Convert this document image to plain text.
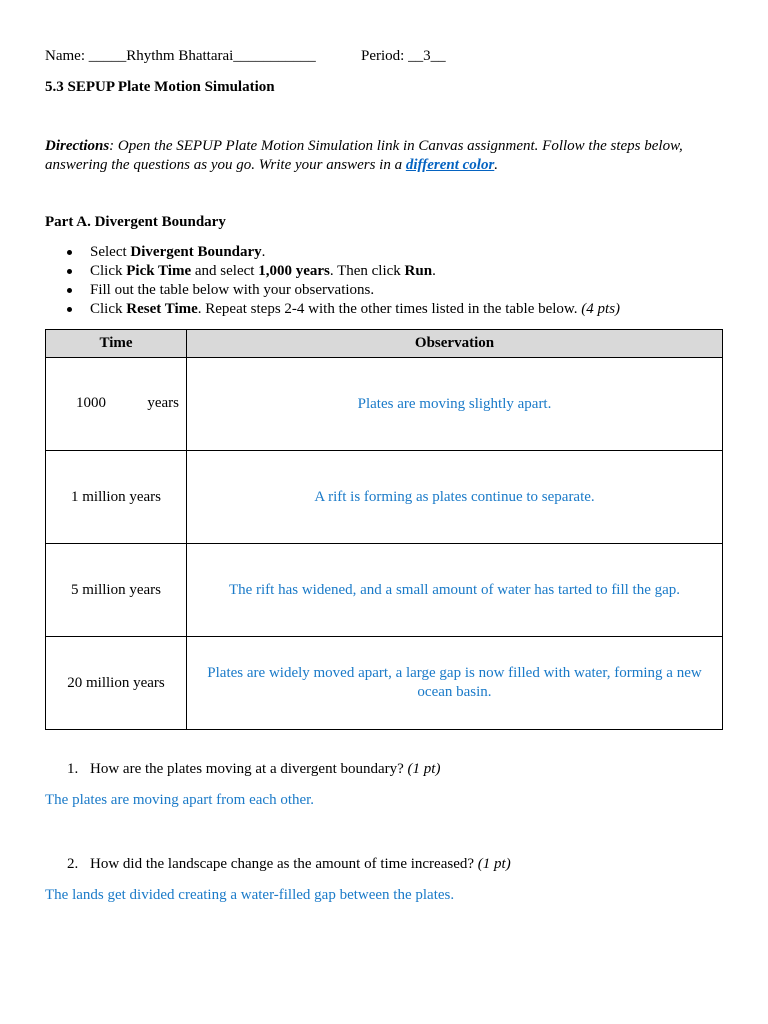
Name: _____Rhythm Bhattarai___________	Period: __3__
5.3 SEPUP Plate Motion Simulation
Directions: Open the SEPUP Plate Motion Simulation link in Canvas assignment. Follow the steps below, answering the questions as you go. Write your answers in a different color.
Part A. Divergent Boundary
Select Divergent Boundary.
Click Pick Time and select 1,000 years. Then click Run.
Fill out the table below with your observations.
Click Reset Time. Repeat steps 2-4 with the other times listed in the table below. (4 pts)
Time	Observation

1000 years	Plates are moving slightly apart.
1 million years	A rift is forming as plates continue to separate.
5 million years	The rift has widened, and a small amount of water has tarted to fill the gap.
20 million years	Plates are widely moved apart, a large gap is now filled with water, forming a new ocean basin.
1. How are the plates moving at a divergent boundary? (1 pt)
The plates are moving apart from each other.
2. How did the landscape change as the amount of time increased? (1 pt)
The lands get divided creating a water-filled gap between the plates.
